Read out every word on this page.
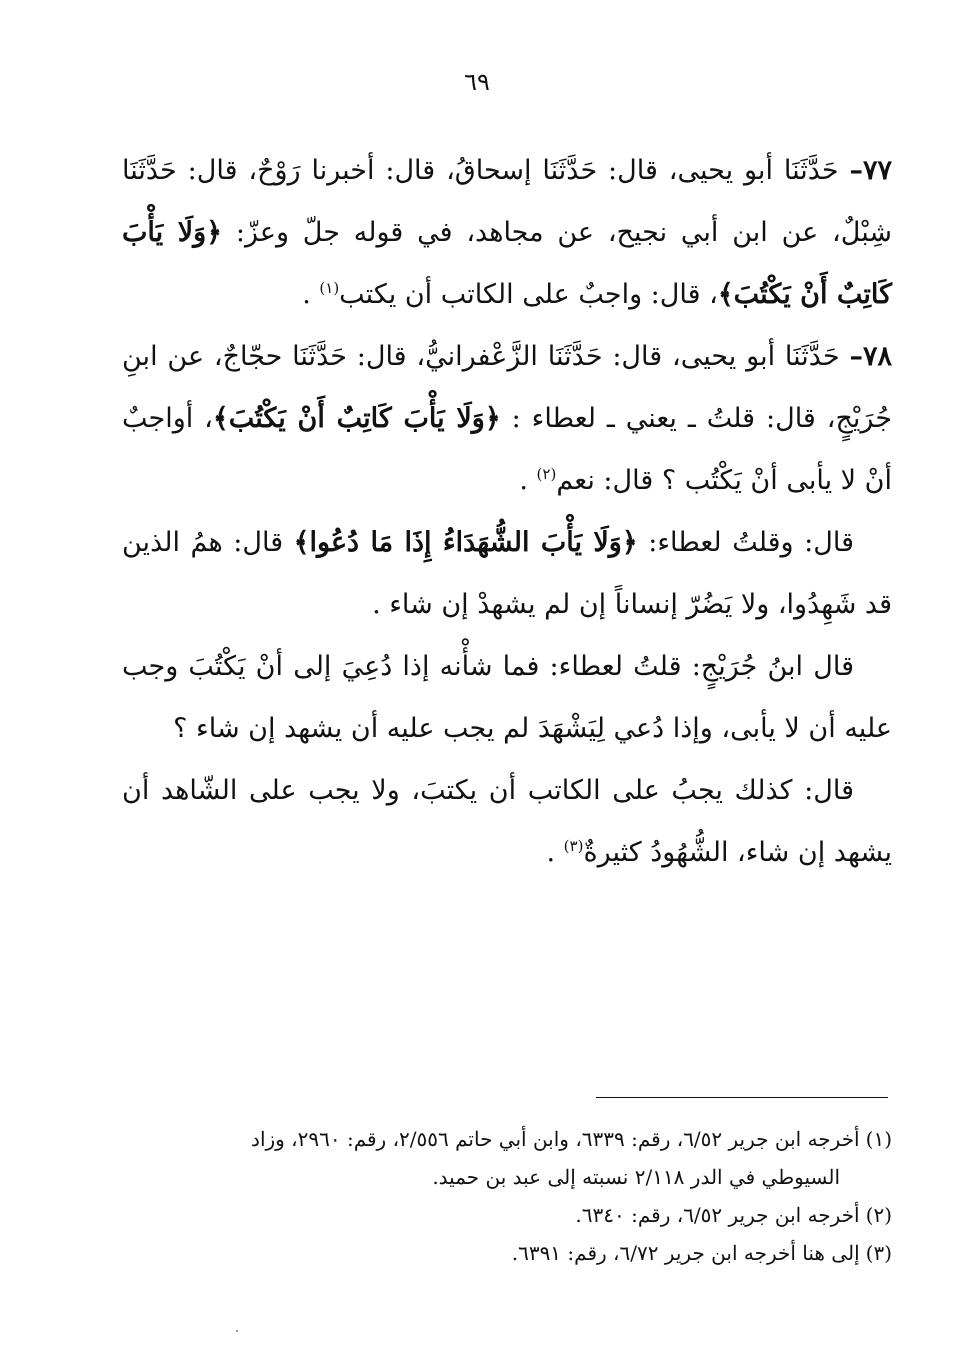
٦٩

٧٧– حَدَّثَنَا أبو يحيى، قال: حَدَّثَنَا إسحاقُ، قال: أخبرنا رَوْحٌ، قال: حَدَّثَنَا شِبْلٌ، عن ابن أبي نجيح، عن مجاهد، في قوله جلّ وعزّ: ﴿وَلَا يَأْبَ كَاتِبٌ أَنْ يَكْتُبَ﴾، قال: واجبٌ على الكاتب أن يكتب$^{(١)}$ .

٧٨– حَدَّثَنَا أبو يحيى، قال: حَدَّثَنَا الزَّعْفرانيُّ، قال: حَدَّثَنَا حجّاجٌ، عن ابنِ جُرَيْجٍ، قال: قلتُ ـ يعني ـ لعطاء : ﴿وَلَا يَأْبَ كَاتِبٌ أَنْ يَكْتُبَ﴾، أواجبٌ أنْ لا يأبى أنْ يَكْتُب ؟ قال: نعم$^{(٢)}$ .

قال: وقلتُ لعطاء: ﴿وَلَا يَأْبَ الشُّهَدَاءُ إِذَا مَا دُعُوا﴾ قال: همُ الذين قد شَهِدُوا، ولا يَضُرّ إنساناً إن لم يشهدْ إن شاء .

قال ابنُ جُرَيْجٍ: قلتُ لعطاء: فما شأْنه إذا دُعِيَ إلى أنْ يَكْتُبَ وجب عليه أن لا يأبى، وإذا دُعي لِيَشْهَدَ لم يجب عليه أن يشهد إن شاء ؟

قال: كذلك يجبُ على الكاتب أن يكتبَ، ولا يجب على الشّاهد أن يشهد إن شاء، الشُّهُودُ كثيرةٌ$^{(٣)}$ .

(١)أخرجه ابن جرير ٦/٥٢، رقم: ٦٣٣٩، وابن أبي حاتم ٢/٥٥٦، رقم: ٢٩٦٠، وزاد
السيوطي في الدر ٢/١١٨ نسبته إلى عبد بن حميد.

(٢)أخرجه ابن جرير ٦/٥٢، رقم: ٦٣٤٠.

(٣)إلى هنا أخرجه ابن جرير ٦/٧٢، رقم: ٦٣٩١.
